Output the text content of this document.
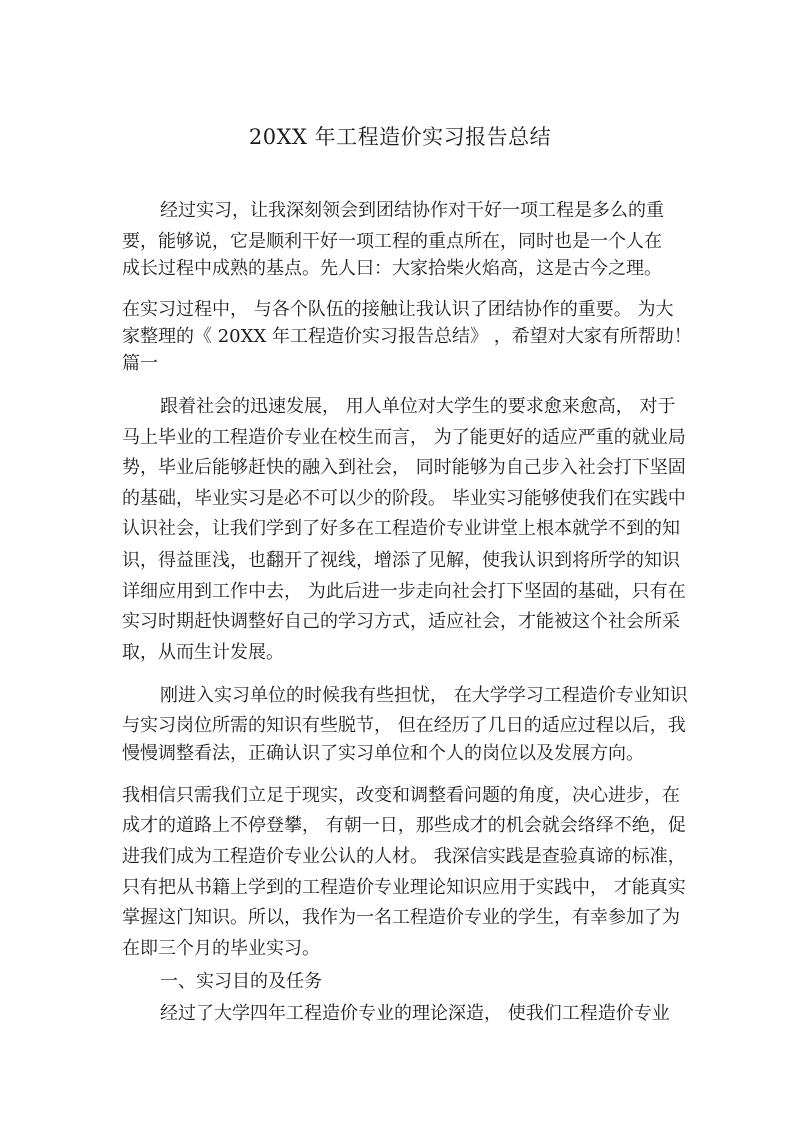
20XX 年工程造价实习报告总结
经过实习，让我深刻领会到团结协作对干好一项工程是多么的重
要，能够说，它是顺利干好一项工程的重点所在，同时也是一个人在
成长过程中成熟的基点。先人曰：大家拾柴火焰高，这是古今之理。
在实习过程中， 与各个队伍的接触让我认识了团结协作的重要。 为大
家整理的《 20XX 年工程造价实习报告总结》 ，希望对大家有所帮助！
篇一
跟着社会的迅速发展， 用人单位对大学生的要求愈来愈高， 对于
马上毕业的工程造价专业在校生而言， 为了能更好的适应严重的就业局
势，毕业后能够赶快的融入到社会， 同时能够为自己步入社会打下坚固
的基础，毕业实习是必不可以少的阶段。 毕业实习能够使我们在实践中
认识社会，让我们学到了好多在工程造价专业讲堂上根本就学不到的知
识，得益匪浅，也翻开了视线，增添了见解，使我认识到将所学的知识
详细应用到工作中去， 为此后进一步走向社会打下坚固的基础，只有在
实习时期赶快调整好自己的学习方式，适应社会，才能被这个社会所采
取，从而生计发展。
刚进入实习单位的时候我有些担忧， 在大学学习工程造价专业知识
与实习岗位所需的知识有些脱节， 但在经历了几日的适应过程以后，我
慢慢调整看法，正确认识了实习单位和个人的岗位以及发展方向。
我相信只需我们立足于现实，改变和调整看问题的角度，决心进步，在
成才的道路上不停登攀， 有朝一日，那些成才的机会就会络绎不绝，促
进我们成为工程造价专业公认的人材。 我深信实践是查验真谛的标准，
只有把从书籍上学到的工程造价专业理论知识应用于实践中， 才能真实
掌握这门知识。所以，我作为一名工程造价专业的学生，有幸参加了为
在即三个月的毕业实习。
一、实习目的及任务
经过了大学四年工程造价专业的理论深造， 使我们工程造价专业
